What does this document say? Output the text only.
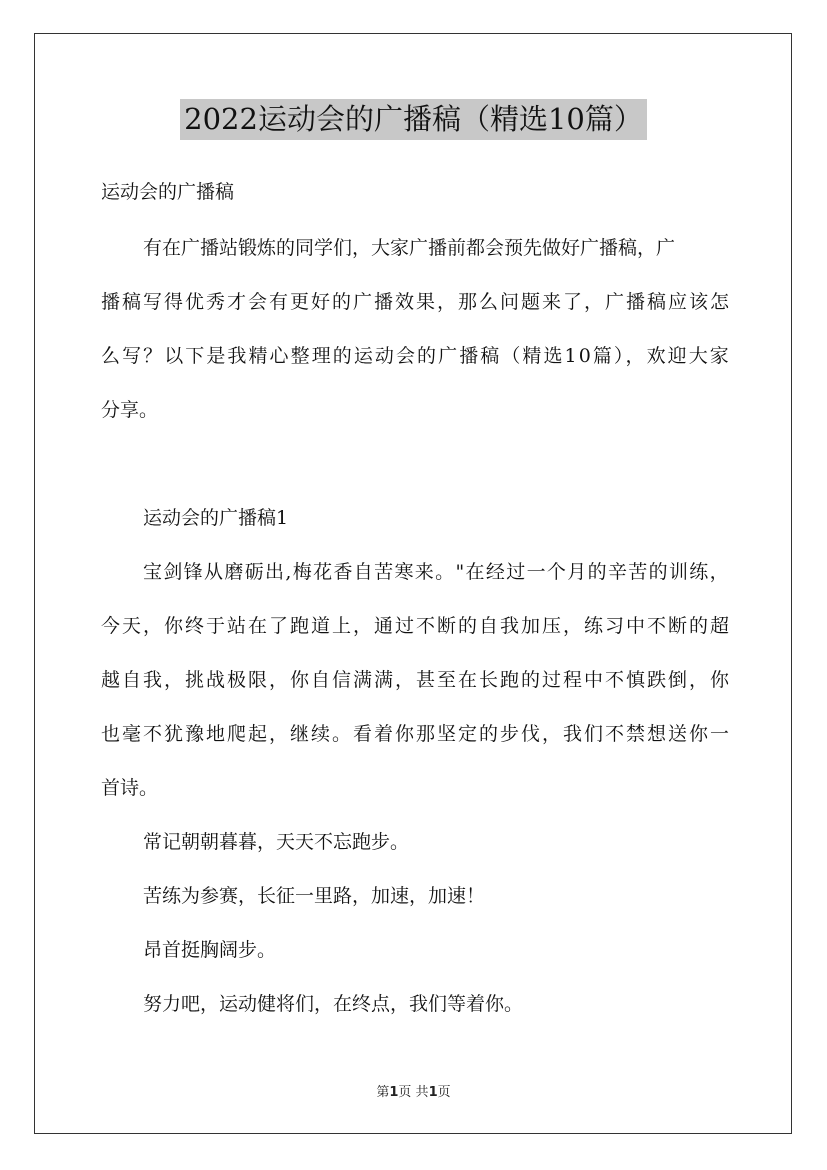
2022运动会的广播稿（精选10篇）
运动会的广播稿
有在广播站锻炼的同学们，大家广播前都会预先做好广播稿，广
播稿写得优秀才会有更好的广播效果，那么问题来了，广播稿应该怎
么写？以下是我精心整理的运动会的广播稿（精选10篇），欢迎大家
分享。
运动会的广播稿1
宝剑锋从磨砺出,梅花香自苦寒来。"在经过一个月的辛苦的训练，
今天，你终于站在了跑道上，通过不断的自我加压，练习中不断的超
越自我，挑战极限，你自信满满，甚至在长跑的过程中不慎跌倒，你
也毫不犹豫地爬起，继续。看着你那坚定的步伐，我们不禁想送你一
首诗。
常记朝朝暮暮，天天不忘跑步。
苦练为参赛，长征一里路，加速，加速！
昂首挺胸阔步。
努力吧，运动健将们，在终点，我们等着你。
第1页 共1页
